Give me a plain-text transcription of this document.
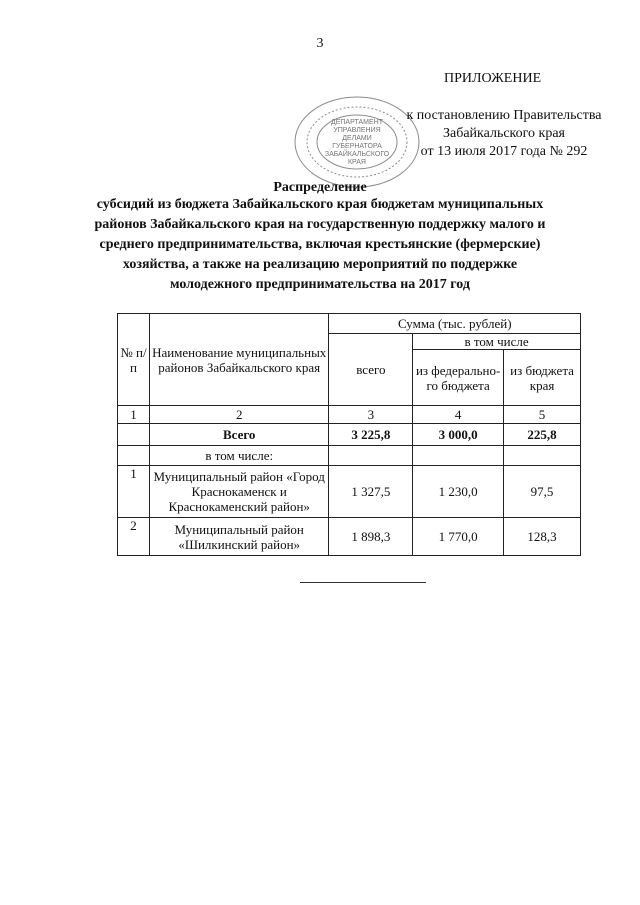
3
ПРИЛОЖЕНИЕ
ДЕПАРТАМЕНТ
УПРАВЛЕНИЯ
ДЕЛАМИ
ГУБЕРНАТОРА
ЗАБАЙКАЛЬСКОГО
КРАЯ
к постановлению Правительства
Забайкальского края
от 13 июля 2017 года № 292
Распределение
субсидий из бюджета Забайкальского края бюджетам муниципальных
районов Забайкальского края на государственную поддержку малого и
среднего предпринимательства, включая крестьянские (фермерские)
хозяйства, а также на реализацию мероприятий по поддержке
молодежного предпринимательства на 2017 год
№ п/п	Наименование муниципальных районов Забайкальского края	Сумма (тыс. рублей)		
		всего	в том числе	
			из федерально-го бюджета	из бюджета края
1	2	3	4	5
	Всего	3 225,8	3 000,0	225,8
	в том числе:			
1	Муниципальный район «Город Краснокаменск и Краснокаменский район»	1 327,5	1 230,0	97,5
2	Муниципальный район «Шилкинский район»	1 898,3	1 770,0	128,3
